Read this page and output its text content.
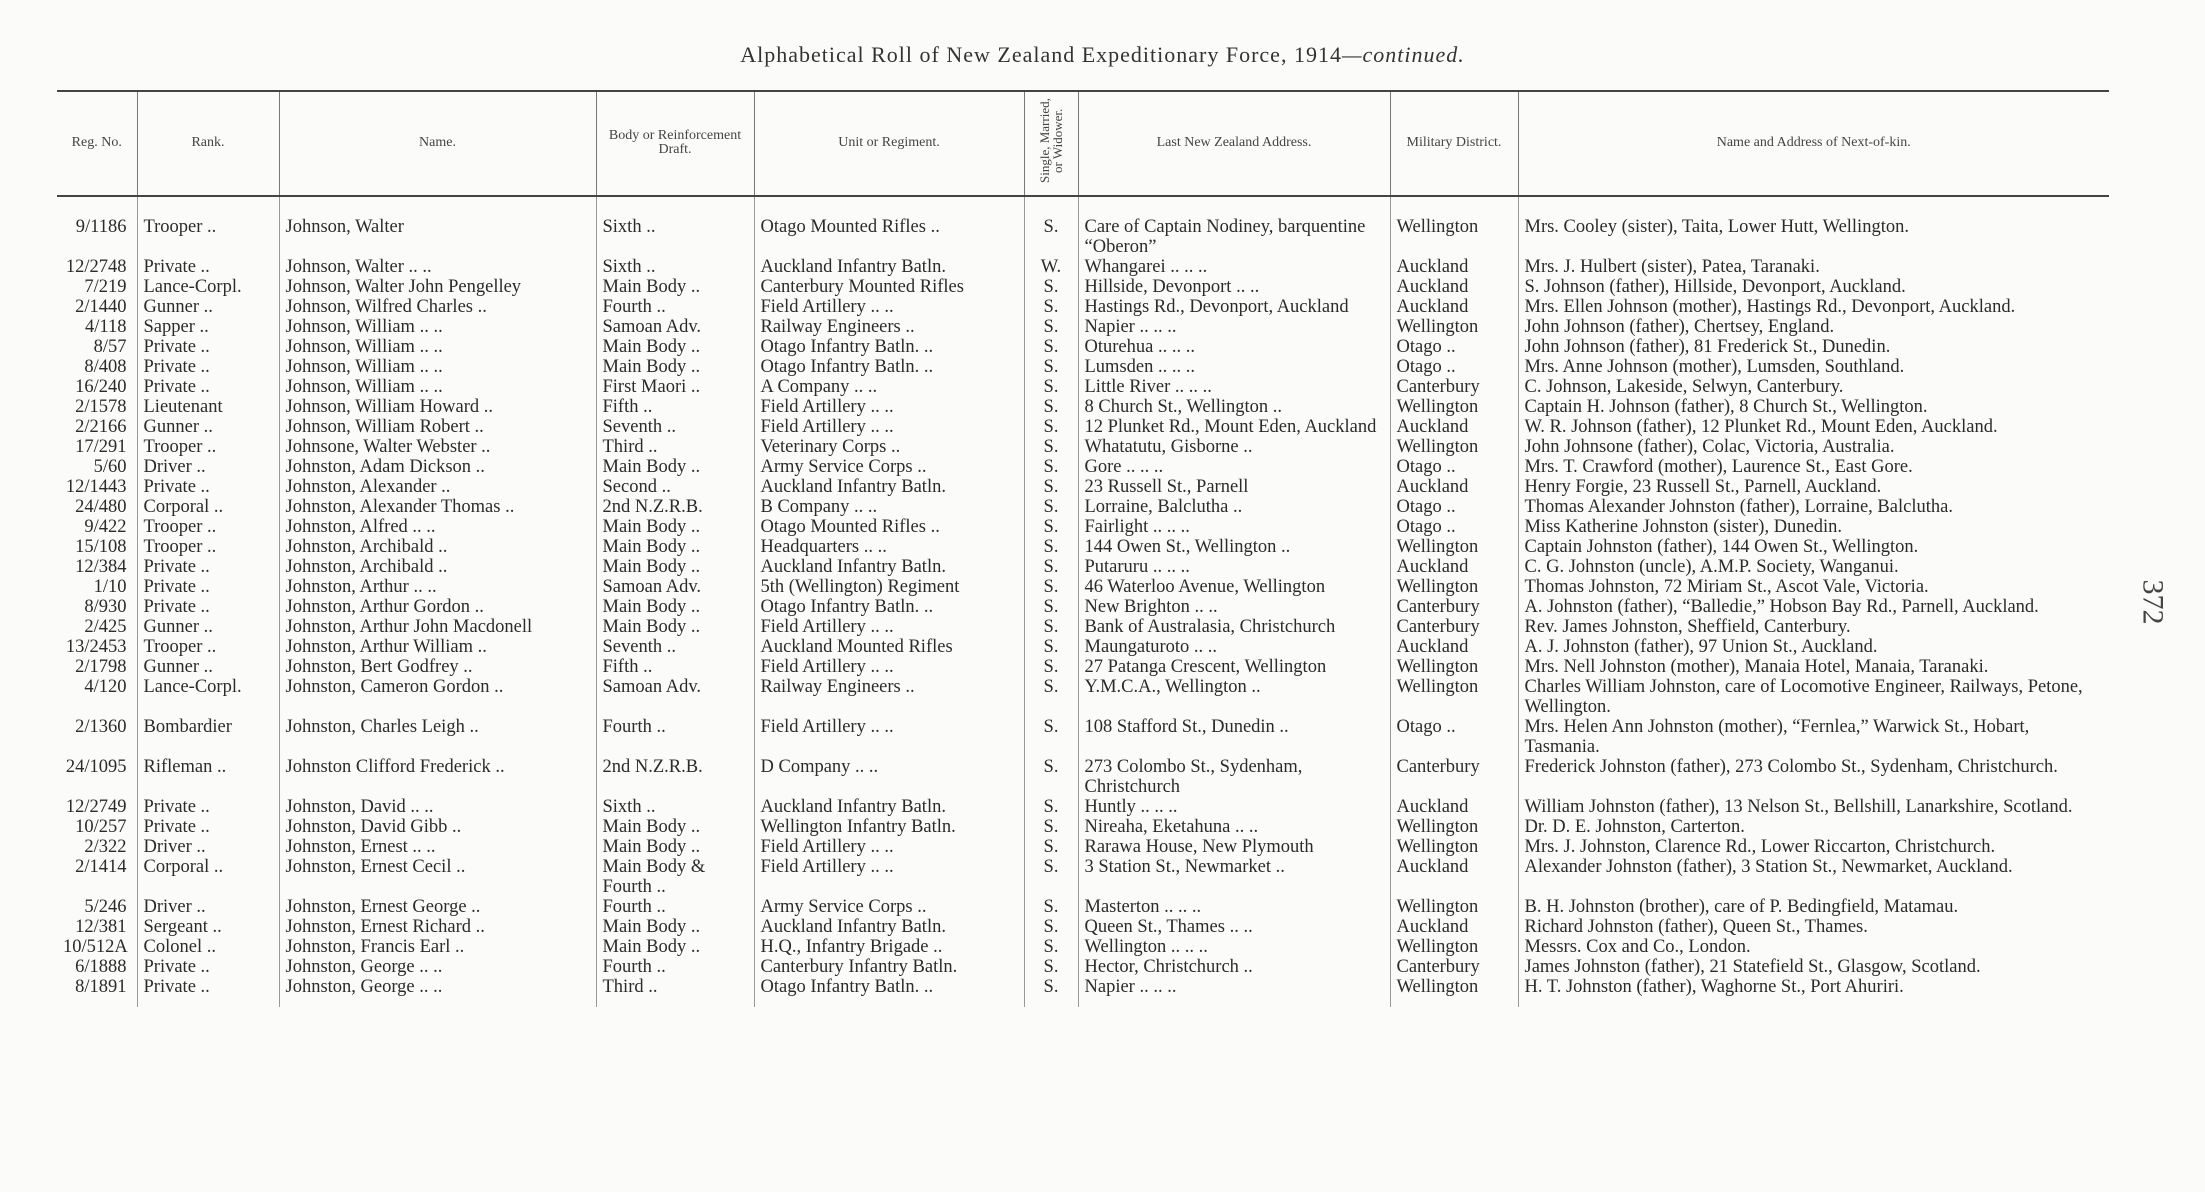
Alphabetical Roll of New Zealand Expeditionary Force, 1914—continued.
372
Reg. No.	Rank.	Name.	Body or Reinforcement Draft.	Unit or Regiment.	Single, Married, or Widower.	Last New Zealand Address.	Military District.	Name and Address of Next-of-kin.

9/1186	Trooper ..	Johnson, Walter	Sixth ..	Otago Mounted Rifles ..	S.	Care of Captain Nodiney, barquentine “Oberon”	Wellington	Mrs. Cooley (sister), Taita, Lower Hutt, Wellington.
12/2748	Private ..	Johnson, Walter .. ..	Sixth ..	Auckland Infantry Batln.	W.	Whangarei .. .. ..	Auckland	Mrs. J. Hulbert (sister), Patea, Taranaki.
7/219	Lance-Corpl.	Johnson, Walter John Pengelley	Main Body ..	Canterbury Mounted Rifles	S.	Hillside, Devonport .. ..	Auckland	S. Johnson (father), Hillside, Devonport, Auckland.
2/1440	Gunner ..	Johnson, Wilfred Charles ..	Fourth ..	Field Artillery .. ..	S.	Hastings Rd., Devonport, Auckland	Auckland	Mrs. Ellen Johnson (mother), Hastings Rd., Devonport, Auckland.
4/118	Sapper ..	Johnson, William .. ..	Samoan Adv.	Railway Engineers ..	S.	Napier .. .. ..	Wellington	John Johnson (father), Chertsey, England.
8/57	Private ..	Johnson, William .. ..	Main Body ..	Otago Infantry Batln. ..	S.	Oturehua .. .. ..	Otago ..	John Johnson (father), 81 Frederick St., Dunedin.
8/408	Private ..	Johnson, William .. ..	Main Body ..	Otago Infantry Batln. ..	S.	Lumsden .. .. ..	Otago ..	Mrs. Anne Johnson (mother), Lumsden, Southland.
16/240	Private ..	Johnson, William .. ..	First Maori ..	A Company .. ..	S.	Little River .. .. ..	Canterbury	C. Johnson, Lakeside, Selwyn, Canterbury.
2/1578	Lieutenant	Johnson, William Howard ..	Fifth ..	Field Artillery .. ..	S.	8 Church St., Wellington ..	Wellington	Captain H. Johnson (father), 8 Church St., Wellington.
2/2166	Gunner ..	Johnson, William Robert ..	Seventh ..	Field Artillery .. ..	S.	12 Plunket Rd., Mount Eden, Auckland	Auckland	W. R. Johnson (father), 12 Plunket Rd., Mount Eden, Auckland.
17/291	Trooper ..	Johnsone, Walter Webster ..	Third ..	Veterinary Corps ..	S.	Whatatutu, Gisborne ..	Wellington	John Johnsone (father), Colac, Victoria, Australia.
5/60	Driver ..	Johnston, Adam Dickson ..	Main Body ..	Army Service Corps ..	S.	Gore .. .. ..	Otago ..	Mrs. T. Crawford (mother), Laurence St., East Gore.
12/1443	Private ..	Johnston, Alexander ..	Second ..	Auckland Infantry Batln.	S.	23 Russell St., Parnell	Auckland	Henry Forgie, 23 Russell St., Parnell, Auckland.
24/480	Corporal ..	Johnston, Alexander Thomas ..	2nd N.Z.R.B.	B Company .. ..	S.	Lorraine, Balclutha ..	Otago ..	Thomas Alexander Johnston (father), Lorraine, Balclutha.
9/422	Trooper ..	Johnston, Alfred .. ..	Main Body ..	Otago Mounted Rifles ..	S.	Fairlight .. .. ..	Otago ..	Miss Katherine Johnston (sister), Dunedin.
15/108	Trooper ..	Johnston, Archibald ..	Main Body ..	Headquarters .. ..	S.	144 Owen St., Wellington ..	Wellington	Captain Johnston (father), 144 Owen St., Wellington.
12/384	Private ..	Johnston, Archibald ..	Main Body ..	Auckland Infantry Batln.	S.	Putaruru .. .. ..	Auckland	C. G. Johnston (uncle), A.M.P. Society, Wanganui.
1/10	Private ..	Johnston, Arthur .. ..	Samoan Adv.	5th (Wellington) Regiment	S.	46 Waterloo Avenue, Wellington	Wellington	Thomas Johnston, 72 Miriam St., Ascot Vale, Victoria.
8/930	Private ..	Johnston, Arthur Gordon ..	Main Body ..	Otago Infantry Batln. ..	S.	New Brighton .. ..	Canterbury	A. Johnston (father), “Balledie,” Hobson Bay Rd., Parnell, Auckland.
2/425	Gunner ..	Johnston, Arthur John Macdonell	Main Body ..	Field Artillery .. ..	S.	Bank of Australasia, Christchurch	Canterbury	Rev. James Johnston, Sheffield, Canterbury.
13/2453	Trooper ..	Johnston, Arthur William ..	Seventh ..	Auckland Mounted Rifles	S.	Maungaturoto .. ..	Auckland	A. J. Johnston (father), 97 Union St., Auckland.
2/1798	Gunner ..	Johnston, Bert Godfrey ..	Fifth ..	Field Artillery .. ..	S.	27 Patanga Crescent, Wellington	Wellington	Mrs. Nell Johnston (mother), Manaia Hotel, Manaia, Taranaki.
4/120	Lance-Corpl.	Johnston, Cameron Gordon ..	Samoan Adv.	Railway Engineers ..	S.	Y.M.C.A., Wellington ..	Wellington	Charles William Johnston, care of Locomotive Engineer, Railways, Petone, Wellington.
2/1360	Bombardier	Johnston, Charles Leigh ..	Fourth ..	Field Artillery .. ..	S.	108 Stafford St., Dunedin ..	Otago ..	Mrs. Helen Ann Johnston (mother), “Fernlea,” Warwick St., Hobart, Tasmania.
24/1095	Rifleman ..	Johnston Clifford Frederick ..	2nd N.Z.R.B.	D Company .. ..	S.	273 Colombo St., Sydenham, Christchurch	Canterbury	Frederick Johnston (father), 273 Colombo St., Sydenham, Christchurch.
12/2749	Private ..	Johnston, David .. ..	Sixth ..	Auckland Infantry Batln.	S.	Huntly .. .. ..	Auckland	William Johnston (father), 13 Nelson St., Bellshill, Lanarkshire, Scotland.
10/257	Private ..	Johnston, David Gibb ..	Main Body ..	Wellington Infantry Batln.	S.	Nireaha, Eketahuna .. ..	Wellington	Dr. D. E. Johnston, Carterton.
2/322	Driver ..	Johnston, Ernest .. ..	Main Body ..	Field Artillery .. ..	S.	Rarawa House, New Plymouth	Wellington	Mrs. J. Johnston, Clarence Rd., Lower Riccarton, Christchurch.
2/1414	Corporal ..	Johnston, Ernest Cecil ..	Main Body & Fourth ..	Field Artillery .. ..	S.	3 Station St., Newmarket ..	Auckland	Alexander Johnston (father), 3 Station St., Newmarket, Auckland.
5/246	Driver ..	Johnston, Ernest George ..	Fourth ..	Army Service Corps ..	S.	Masterton .. .. ..	Wellington	B. H. Johnston (brother), care of P. Bedingfield, Matamau.
12/381	Sergeant ..	Johnston, Ernest Richard ..	Main Body ..	Auckland Infantry Batln.	S.	Queen St., Thames .. ..	Auckland	Richard Johnston (father), Queen St., Thames.
10/512A	Colonel ..	Johnston, Francis Earl ..	Main Body ..	H.Q., Infantry Brigade ..	S.	Wellington .. .. ..	Wellington	Messrs. Cox and Co., London.
6/1888	Private ..	Johnston, George .. ..	Fourth ..	Canterbury Infantry Batln.	S.	Hector, Christchurch ..	Canterbury	James Johnston (father), 21 Statefield St., Glasgow, Scotland.
8/1891	Private ..	Johnston, George .. ..	Third ..	Otago Infantry Batln. ..	S.	Napier .. .. ..	Wellington	H. T. Johnston (father), Waghorne St., Port Ahuriri.
